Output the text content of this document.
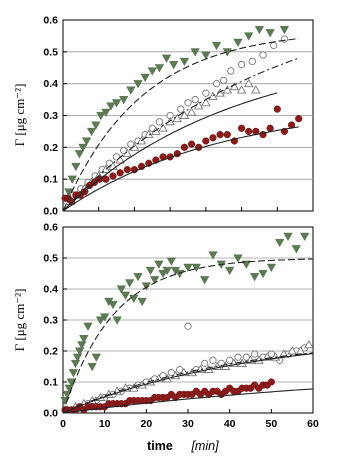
Γ [μg cm⁻²]
0.0
0.1
0.2
0.3
0.4
0.5
0.6
Γ [μg cm⁻²]
time [min]
0.0
0.1
0.2
0.3
0.4
0.5
0.6
0	10	20	30	40	50	60
